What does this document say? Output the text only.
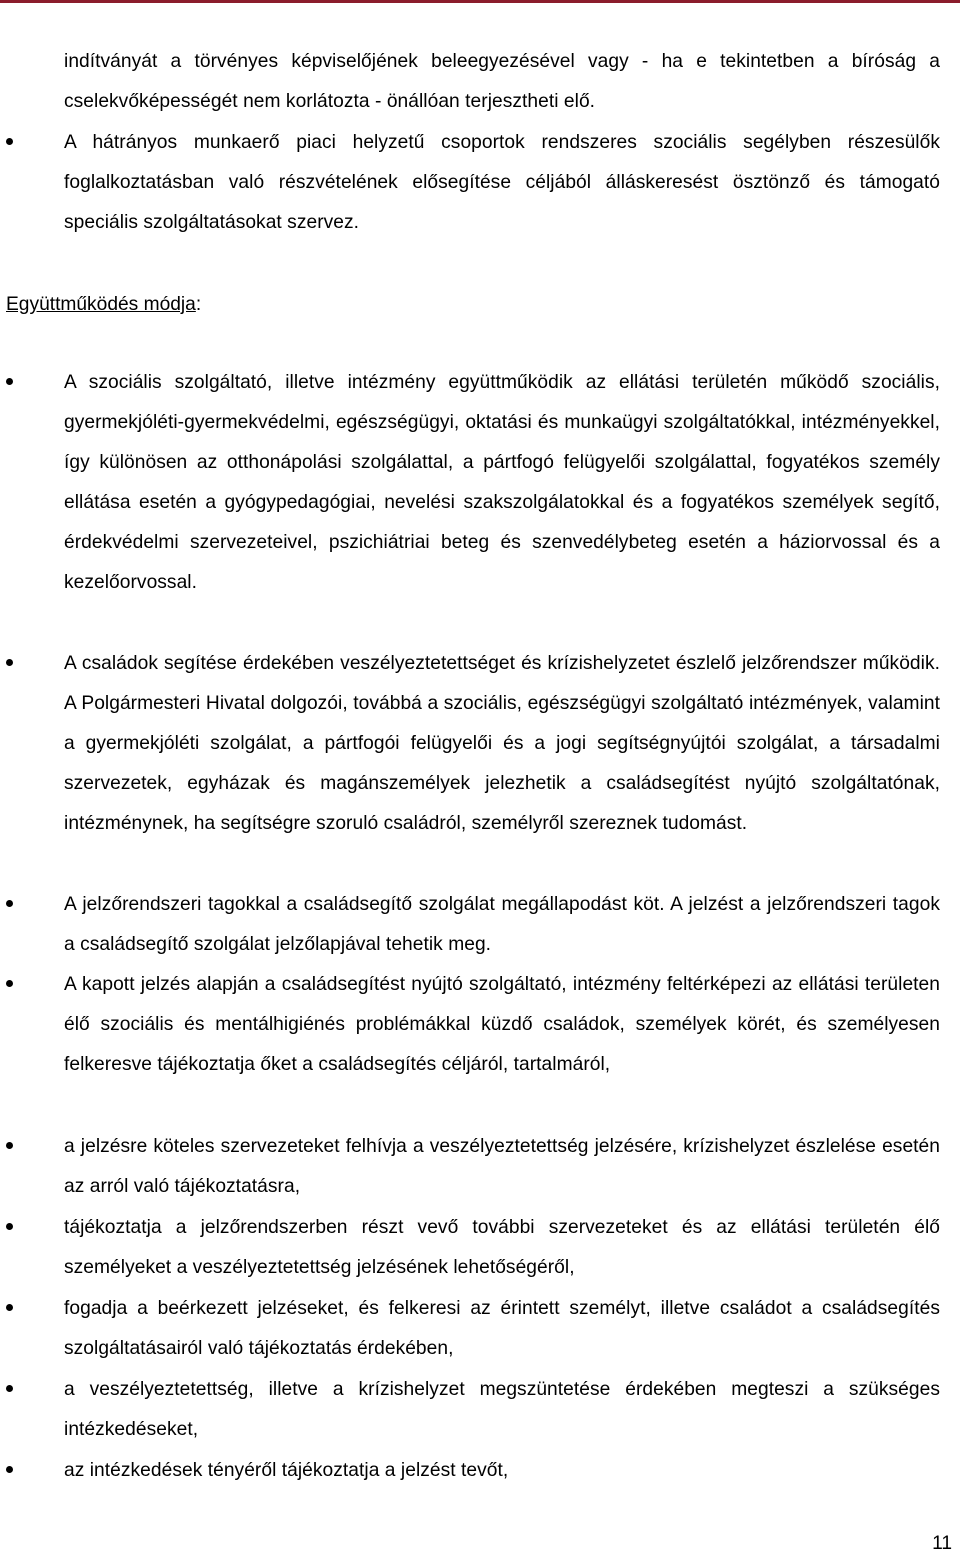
indítványát a törvényes képviselőjének beleegyezésével vagy - ha e tekintetben a bíróság a cselekvőképességét nem korlátozta - önállóan terjesztheti elő.

A hátrányos munkaerő piaci helyzetű csoportok rendszeres szociális segélyben részesülők foglalkoztatásban való részvételének elősegítése céljából álláskeresést ösztönző és támogató speciális szolgáltatásokat szervez.

Együttműködés módja:

A szociális szolgáltató, illetve intézmény együttműködik az ellátási területén működő szociális, gyermekjóléti-gyermekvédelmi, egészségügyi, oktatási és munkaügyi szolgáltatókkal, intézményekkel, így különösen az otthonápolási szolgálattal, a pártfogó felügyelői szolgálattal, fogyatékos személy ellátása esetén a gyógypedagógiai, nevelési szakszolgálatokkal és a fogyatékos személyek segítő, érdekvédelmi szervezeteivel, pszichiátriai beteg és szenvedélybeteg esetén a háziorvossal és a kezelőorvossal.

A családok segítése érdekében veszélyeztetettséget és krízishelyzetet észlelő jelzőrendszer működik. A Polgármesteri Hivatal dolgozói, továbbá a szociális, egészségügyi szolgáltató intézmények, valamint a gyermekjóléti szolgálat, a pártfogói felügyelői és a jogi segítségnyújtói szolgálat, a társadalmi szervezetek, egyházak és magánszemélyek jelezhetik a családsegítést nyújtó szolgáltatónak, intézménynek, ha segítségre szoruló családról, személyről szereznek tudomást.

A jelzőrendszeri tagokkal a családsegítő szolgálat megállapodást köt. A jelzést a jelzőrendszeri tagok a családsegítő szolgálat jelzőlapjával tehetik meg.

A kapott jelzés alapján a családsegítést nyújtó szolgáltató, intézmény feltérképezi az ellátási területen élő szociális és mentálhigiénés problémákkal küzdő családok, személyek körét, és személyesen felkeresve tájékoztatja őket a családsegítés céljáról, tartalmáról,

a jelzésre köteles szervezeteket felhívja a veszélyeztetettség jelzésére, krízishelyzet észlelése esetén az arról való tájékoztatásra,

tájékoztatja a jelzőrendszerben részt vevő további szervezeteket és az ellátási területén élő személyeket a veszélyeztetettség jelzésének lehetőségéről,

fogadja a beérkezett jelzéseket, és felkeresi az érintett személyt, illetve családot a családsegítés szolgáltatásairól való tájékoztatás érdekében,

a veszélyeztetettség, illetve a krízishelyzet megszüntetése érdekében megteszi a szükséges intézkedéseket,

az intézkedések tényéről tájékoztatja a jelzést tevőt,

11
